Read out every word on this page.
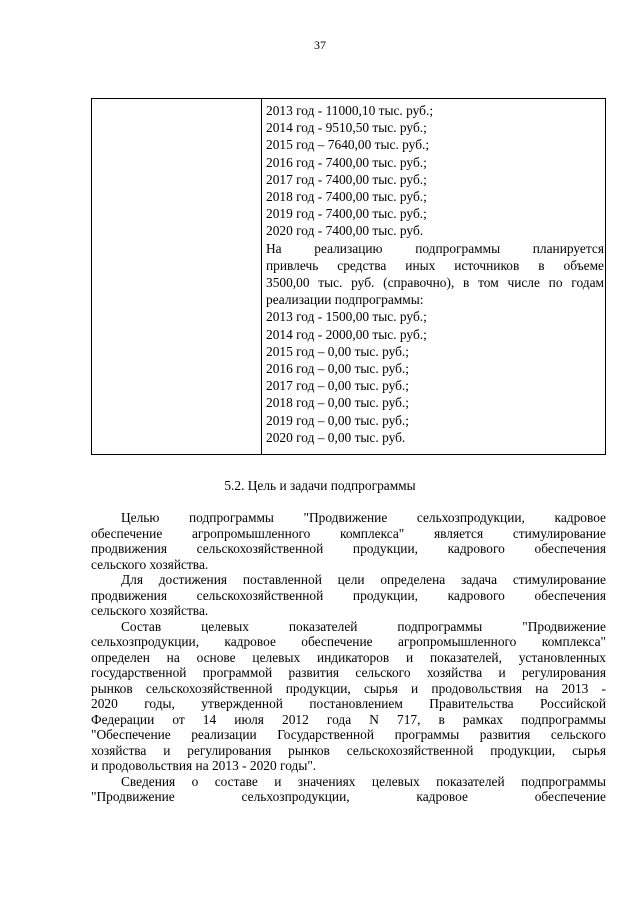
37
2013 год - 11000,10 тыс. руб.;
2014 год - 9510,50 тыс. руб.;
2015 год – 7640,00 тыс. руб.;
2016 год - 7400,00 тыс. руб.;
2017 год - 7400,00 тыс. руб.;
2018 год - 7400,00 тыс. руб.;
2019 год - 7400,00 тыс. руб.;
2020 год - 7400,00 тыс. руб.
На реализацию подпрограммы планируется
привлечь средства иных источников в объеме
3500,00 тыс. руб. (справочно), в том числе по годам
реализации подпрограммы:
2013 год - 1500,00 тыс. руб.;
2014 год - 2000,00 тыс. руб.;
2015 год – 0,00 тыс. руб.;
2016 год – 0,00 тыс. руб.;
2017 год – 0,00 тыс. руб.;
2018 год – 0,00 тыс. руб.;
2019 год – 0,00 тыс. руб.;
2020 год – 0,00 тыс. руб.
5.2. Цель и задачи подпрограммы

Целью подпрограммы "Продвижение сельхозпродукции, кадровое
обеспечение агропромышленного комплекса" является стимулирование
продвижения сельскохозяйственной продукции, кадрового обеспечения
сельского хозяйства.

Для достижения поставленной цели определена задача стимулирование
продвижения сельскохозяйственной продукции, кадрового обеспечения
сельского хозяйства.

Состав целевых показателей подпрограммы "Продвижение
сельхозпродукции, кадровое обеспечение агропромышленного комплекса"
определен на основе целевых индикаторов и показателей, установленных
государственной программой развития сельского хозяйства и регулирования
рынков сельскохозяйственной продукции, сырья и продовольствия на 2013 -
2020 годы, утвержденной постановлением Правительства Российской
Федерации от 14 июля 2012 года N 717, в рамках подпрограммы
"Обеспечение реализации Государственной программы развития сельского
хозяйства и регулирования рынков сельскохозяйственной продукции, сырья
и продовольствия на 2013 - 2020 годы".

Сведения о составе и значениях целевых показателей подпрограммы
"Продвижение сельхозпродукции, кадровое обеспечение
